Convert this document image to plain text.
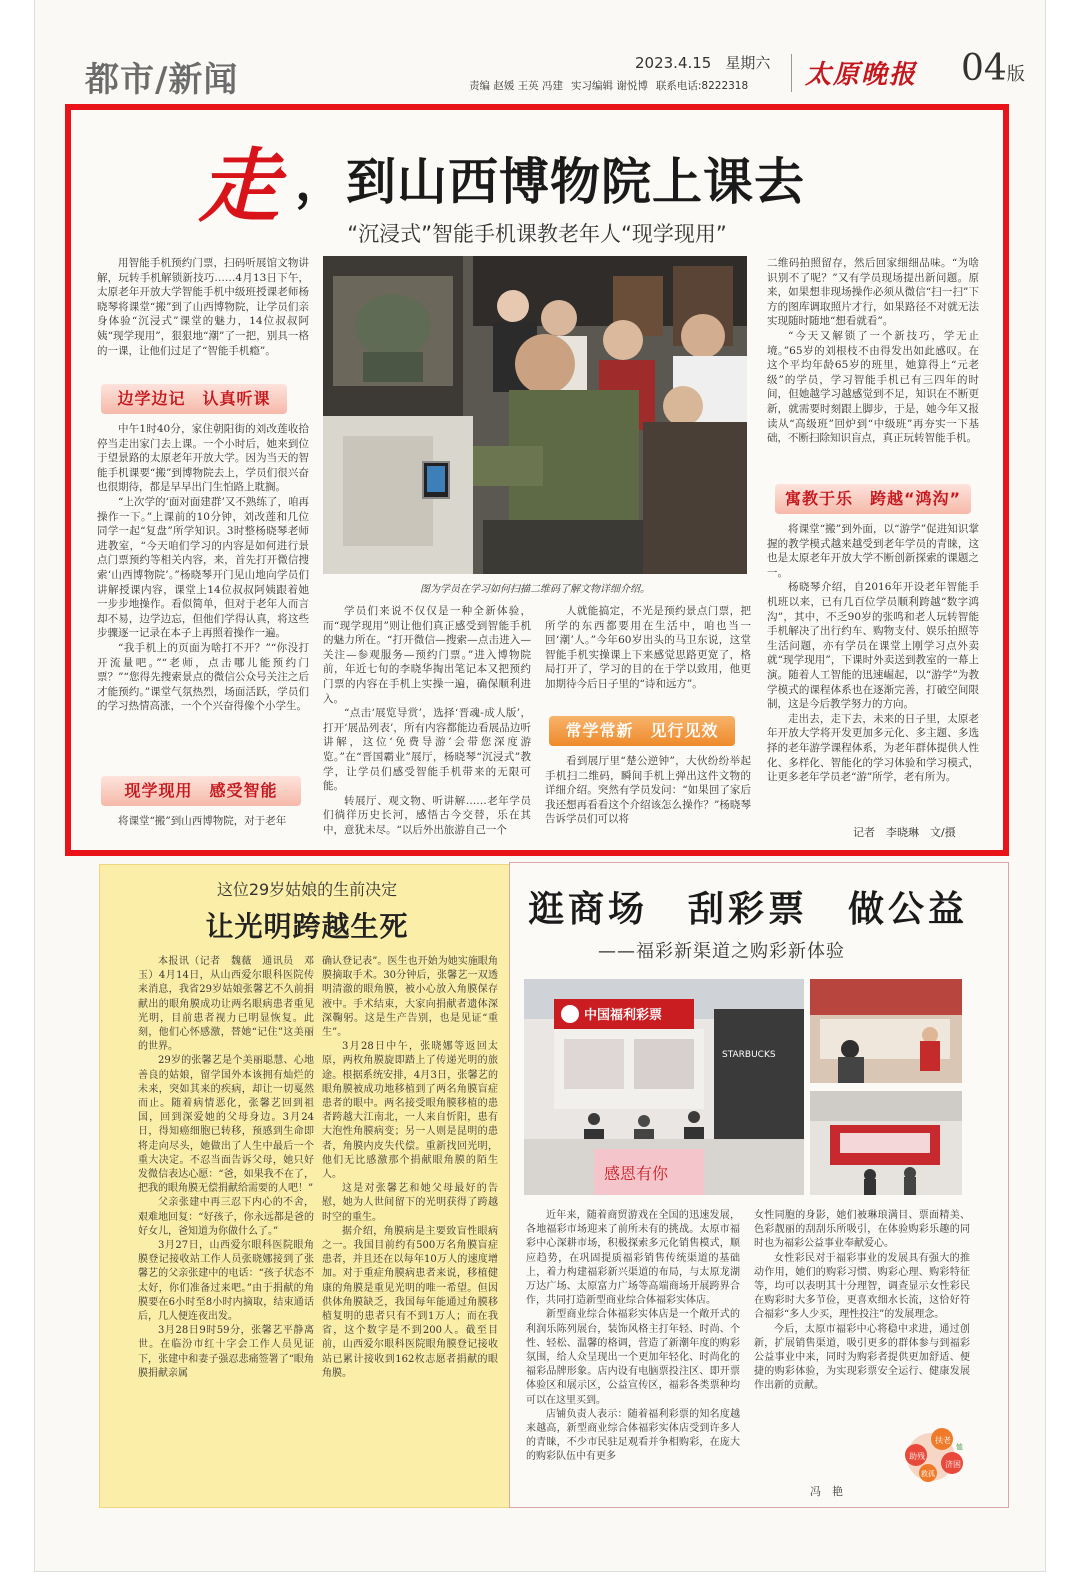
都市/新闻	2023.4.15 星期六
责编 赵媛 王英 冯建 实习编辑 谢悦博 联系电话:8222318	太原晚报 04版
走 ，到山西博物院上课去
“沉浸式”智能手机课教老年人“现学现用”

用智能手机预约门票，扫码听展馆文物讲解，玩转手机解锁新技巧……4月13日下午，太原老年开放大学智能手机中级班授课老师杨晓琴将课堂“搬”到了山西博物院，让学员们亲身体验“沉浸式”课堂的魅力，14位叔叔阿姨“现学现用”，狠狠地“潮”了一把，别具一格的一课，让他们过足了“智能手机瘾”。

边学边记　认真听课

中午1时40分，家住朝阳街的刘改莲收拾停当走出家门去上课。一个小时后，她来到位于望景路的太原老年开放大学。因为当天的智能手机课要“搬”到博物院去上，学员们很兴奋也很期待，都是早早出门生怕路上耽搁。

“上次学的‘面对面建群’又不熟练了，咱再操作一下。”上课前的10分钟，刘改莲和几位同学一起“复盘”所学知识。3时整杨晓琴老师进教室，“今天咱们学习的内容是如何进行景点门票预约等相关内容，来，首先打开微信搜索‘山西博物院’。”杨晓琴开门见山地向学员们讲解授课内容，课堂上14位叔叔阿姨跟着她一步步地操作。看似简单，但对于老年人而言却不易，边学边忘，但他们学得认真，将这些步骤逐一记录在本子上再照着操作一遍。

“我手机上的页面为啥打不开？”“你没打开流量吧。”“老师，点击哪儿能预约门票？”“您得先搜索景点的微信公众号关注之后才能预约。”课堂气氛热烈，场面活跃，学员们的学习热情高涨，一个个兴奋得像个小学生。

现学现用　感受智能

将课堂“搬”到山西博物院，对于老年

图为学员在学习如何扫描二维码了解文物详细介绍。

学员们来说不仅仅是一种全新体验，而“现学现用”则让他们真正感受到智能手机的魅力所在。“打开微信—搜索—点击进入—关注—参观服务—预约门票。”进入博物院前，年近七旬的李晓华掏出笔记本又把预约门票的内容在手机上实操一遍，确保顺利进入。

“点击‘展览导赏’，选择‘晋魂-成人版’，打开‘展品列表’，所有内容都能边看展品边听讲解，这位‘免费导游’会带您深度游览。”在“晋国霸业”展厅，杨晓琴“沉浸式”教学，让学员们感受智能手机带来的无限可能。

转展厅、观文物、听讲解……老年学员们徜徉历史长河，感悟古今交替，乐在其中，意犹未尽。“以后外出旅游自己一个

人就能搞定，不光是预约景点门票，把所学的东西都要用在生活中，咱也当一回‘潮’人。”今年60岁出头的马卫东说，这堂智能手机实操课上下来感觉思路更宽了，格局打开了，学习的目的在于学以致用，他更加期待今后日子里的“诗和远方”。

常学常新　见行见效

看到展厅里“楚公逆钟”，大伙纷纷举起手机扫二维码，瞬间手机上弹出这件文物的详细介绍。突然有学员发问：“如果回了家后我还想再看看这个介绍该怎么操作？”杨晓琴告诉学员们可以将

二维码拍照留存，然后回家细细品味。“为啥识别不了呢？”又有学员现场提出新问题。原来，如果想非现场操作必须从微信“扫一扫”下方的图库调取照片才行，如果路径不对就无法实现随时随地“想看就看”。

“今天又解锁了一个新技巧，学无止境。”65岁的刘根枝不由得发出如此感叹。在这个平均年龄65岁的班里，她算得上“元老级”的学员，学习智能手机已有三四年的时间，但她越学习越感觉到不足，知识在不断更新，就需要时刻跟上脚步，于是，她今年又报读从“高级班”回炉到“中级班”再夯实一下基础，不断扫除知识盲点，真正玩转智能手机。

寓教于乐　跨越“鸿沟”

将课堂“搬”到外面，以“游学”促进知识掌握的教学模式越来越受到老年学员的青睐，这也是太原老年开放大学不断创新探索的课题之一。

杨晓琴介绍，自2016年开设老年智能手机班以来，已有几百位学员顺利跨越“数字鸿沟”，其中，不乏90岁的张鸣和老人玩转智能手机解决了出行约车、购物支付、娱乐拍照等生活问题，亦有学员在课堂上刚学习点外卖就“现学现用”，下课时外卖送到教室的一幕上演。随着人工智能的迅速崛起，以“游学”为教学模式的课程体系也在逐渐完善，打破空间限制，这是今后教学努力的方向。

走出去，走下去，未来的日子里，太原老年开放大学将开发更加多元化、多主题、多选择的老年游学课程体系，为老年群体提供人性化、多样化、智能化的学习体验和学习模式，让更多老年学员老“游”所学，老有所为。

记者　李晓琳　文/摄
这位29岁姑娘的生前决定
让光明跨越生死

本报讯（记者　魏薇　通讯员　邓玉）4月14日，从山西爱尔眼科医院传来消息，我省29岁姑娘张馨艺不久前捐献出的眼角膜成功让两名眼病患者重见光明，目前患者视力已明显恢复。此刻，他们心怀感激，替她“记住”这美丽的世界。

29岁的张馨艺是个美丽聪慧、心地善良的姑娘，留学国外本该拥有灿烂的未来，突如其来的疾病，却让一切戛然而止。随着病情恶化，张馨艺回到祖国，回到深爱她的父母身边。3月24日，得知癌细胞已转移，预感到生命即将走向尽头，她做出了人生中最后一个重大决定。不忍当面告诉父母，她只好发微信表达心愿：“爸，如果我不在了，把我的眼角膜无偿捐献给需要的人吧！”

父亲张建中再三忍下内心的不舍，艰难地回复：“好孩子，你永远都是爸的好女儿，爸知道为你做什么了。”

3月27日，山西爱尔眼科医院眼角膜登记接收站工作人员张晓娜接到了张馨艺的父亲张建中的电话：“孩子状态不太好，你们准备过来吧。”由于捐献的角膜要在6小时至8小时内摘取，结束通话后，几人便连夜出发。

3月28日9时59分，张馨艺平静离世。在临汾市红十字会工作人员见证下，张建中和妻子强忍悲痛签署了“眼角膜捐献亲属

确认登记表”。医生也开始为她实施眼角膜摘取手术。30分钟后，张馨艺一双透明清澈的眼角膜，被小心放入角膜保存液中。手术结束，大家向捐献者遗体深深鞠躬。这是生产告别，也是见证“重生”。

3月28日中午，张晓娜等返回太原，两枚角膜旋即踏上了传递光明的旅途。根据系统安排，4月3日，张馨艺的眼角膜被成功地移植到了两名角膜盲症患者的眼中。两名接受眼角膜移植的患者跨越大江南北，一人来自忻阳，患有大泡性角膜病变；另一人则是昆明的患者，角膜内皮失代偿。重新找回光明，他们无比感激那个捐献眼角膜的陌生人。

这是对张馨艺和她父母最好的告慰，她为人世间留下的光明获得了跨越时空的重生。

据介绍，角膜病是主要致盲性眼病之一。我国目前约有500万名角膜盲症患者，并且还在以每年10万人的速度增加。对于重症角膜病患者来说，移植健康的角膜是重见光明的唯一希望。但因供体角膜缺乏，我国每年能通过角膜移植复明的患者只有不到1万人；而在我省，这个数字是不到200人。截至目前，山西爱尔眼科医院眼角膜登记接收站已累计接收到162枚志愿者捐献的眼角膜。

逛商场　刮彩票　做公益
——福彩新渠道之购彩新体验
中国福利彩票
STARBUCKS
感恩有你

近年来，随着商贸游戏在全国的迅速发展，各地福彩市场迎来了前所未有的挑战。太原市福彩中心深耕市场，积极探索多元化销售模式，顺应趋势，在巩固提质福彩销售传统渠道的基础上，着力构建福彩新兴渠道的布局，与太原龙湖万达广场、太原富力广场等高端商场开展跨界合作，共同打造新型商业综合体福彩实体店。

新型商业综合体福彩实体店是一个敞开式的利润乐陈列展台，装饰风格主打年轻、时尚、个性、轻松、温馨的格调，营造了新潮年度的购彩氛围，给人众呈现出一个更加年轻化、时尚化的福彩品牌形象。店内设有电脑票投注区、即开票体验区和展示区，公益宣传区，福彩各类票种均可以在这里买到。

店铺负责人表示：随着福利彩票的知名度越来越高，新型商业综合体福彩实体店受到许多人的青睐，不少市民驻足观看并争相购彩，在庞大的购彩队伍中有更多

女性同胞的身影，她们被琳琅满目、票面精美、色彩靓丽的刮刮乐所吸引，在体验购彩乐趣的同时也为福彩公益事业奉献爱心。

女性彩民对于福彩事业的发展具有强大的推动作用，她们的购彩习惯、购彩心理、购彩特征等，均可以表明其十分理智，调查显示女性彩民在购彩时大多节俭，更喜欢细水长流，这恰好符合福彩“多人少买，理性投注”的发展理念。

今后，太原市福彩中心将稳中求进，通过创新，扩展销售渠道，吸引更多的群体参与到福彩公益事业中来，同时为购彩者提供更加舒适、便捷的购彩体验，为实现彩票安全运行、健康发展作出新的贡献。

助残
扶老
济困
救孤
恤
冯　艳
